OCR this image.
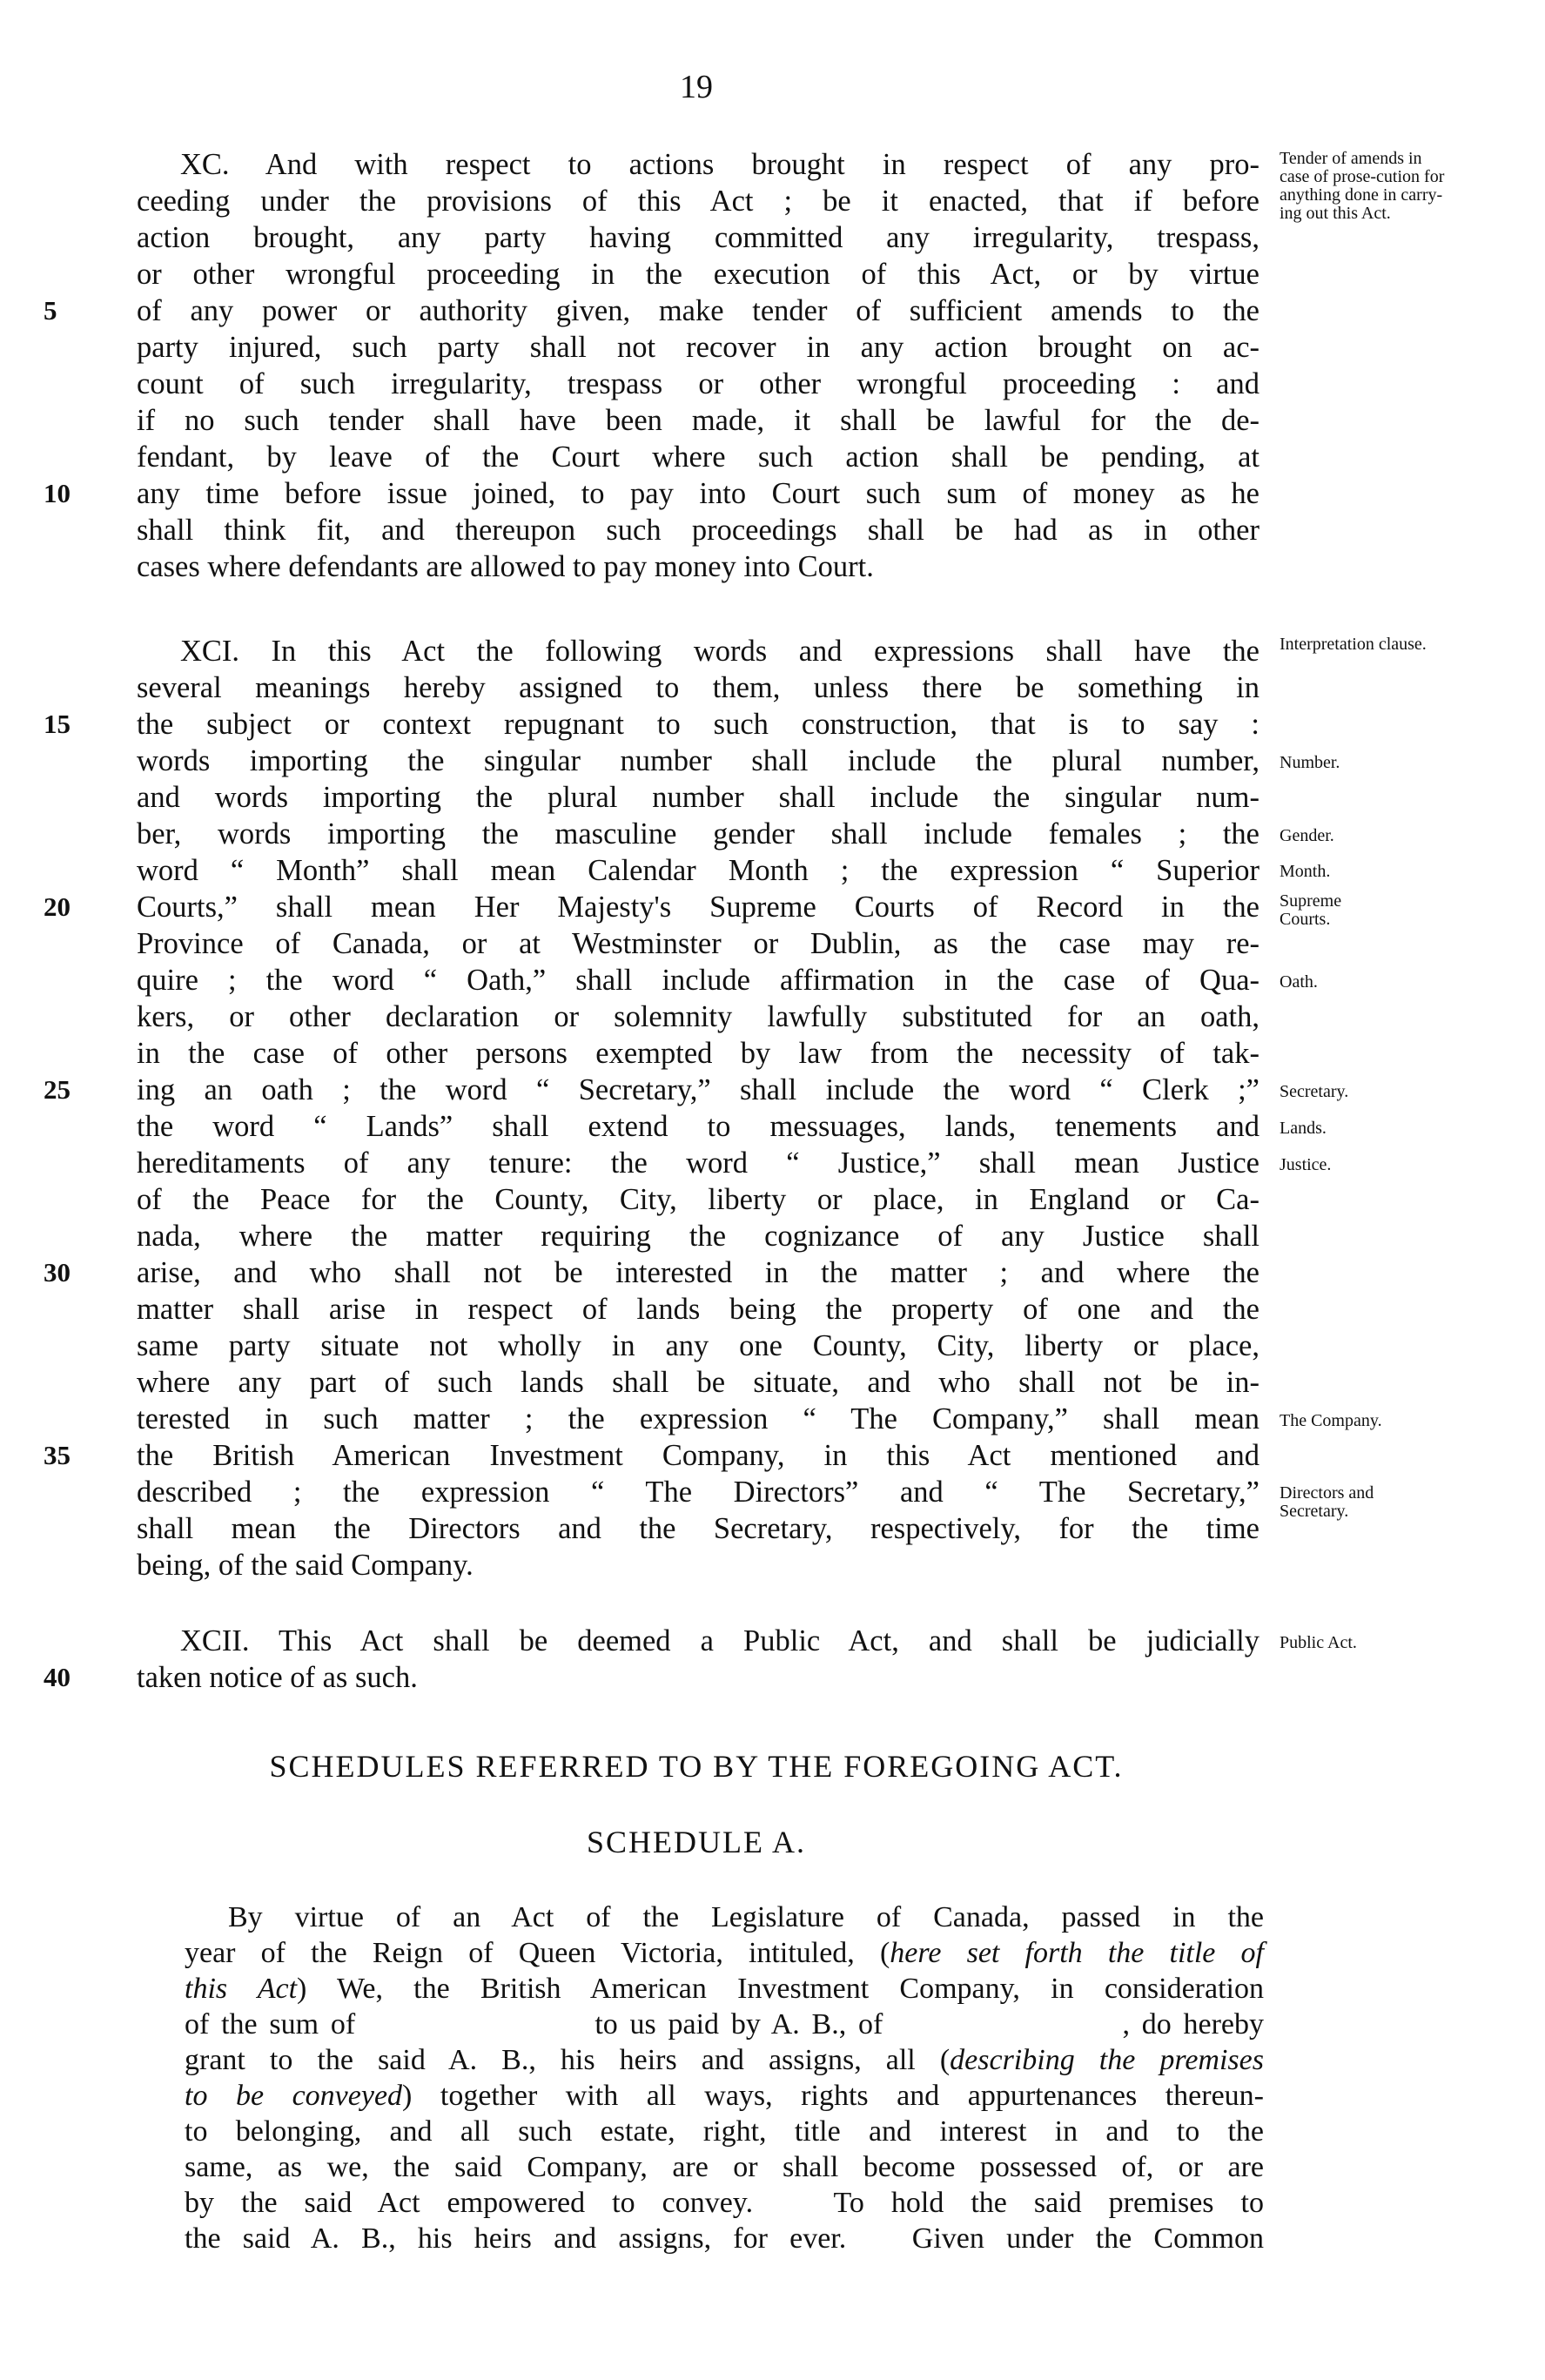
19
5
10
15
20
25
30
35
40
XC. And with respect to actions brought in respect of any pro-
ceeding under the provisions of this Act ; be it enacted, that if before
action brought, any party having committed any irregularity, trespass,
or other wrongful proceeding in the execution of this Act, or by virtue
of any power or authority given, make tender of sufficient amends to the
party injured, such party shall not recover in any action brought on ac-
count of such irregularity, trespass or other wrongful proceeding : and
if no such tender shall have been made, it shall be lawful for the de-
fendant, by leave of the Court where such action shall be pending, at
any time before issue joined, to pay into Court such sum of money as he
shall think fit, and thereupon such proceedings shall be had as in other
cases where defendants are allowed to pay money into Court.
XCI. In this Act the following words and expressions shall have the
several meanings hereby assigned to them, unless there be something in
the subject or context repugnant to such construction, that is to say :
words importing the singular number shall include the plural number,
and words importing the plural number shall include the singular num-
ber, words importing the masculine gender shall include females ; the
word “ Month” shall mean Calendar Month ; the expression “ Superior
Courts,” shall mean Her Majesty's Supreme Courts of Record in the
Province of Canada, or at Westminster or Dublin, as the case may re-
quire ; the word “ Oath,” shall include affirmation in the case of Qua-
kers, or other declaration or solemnity lawfully substituted for an oath,
in the case of other persons exempted by law from the necessity of tak-
ing an oath ; the word “ Secretary,” shall include the word “ Clerk ;”
the word “ Lands” shall extend to messuages, lands, tenements and
hereditaments of any tenure: the word “ Justice,” shall mean Justice
of the Peace for the County, City, liberty or place, in England or Ca-
nada, where the matter requiring the cognizance of any Justice shall
arise, and who shall not be interested in the matter ; and where the
matter shall arise in respect of lands being the property of one and the
same party situate not wholly in any one County, City, liberty or place,
where any part of such lands shall be situate, and who shall not be in-
terested in such matter ; the expression “ The Company,” shall mean
the British American Investment Company, in this Act mentioned and
described ; the expression “ The Directors” and “ The Secretary,”
shall mean the Directors and the Secretary, respectively, for the time
being, of the said Company.
XCII. This Act shall be deemed a Public Act, and shall be judicially
taken notice of as such.
Tender of amends in case of prose-cution for anything done in carry-ing out this Act.
Interpretation clause.
Number.
Gender.
Month.
Supreme Courts.
Oath.
Secretary.
Lands.
Justice.
The Company.
Directors and Secretary.
Public Act.
SCHEDULES REFERRED TO BY THE FOREGOING ACT.
SCHEDULE A.
By virtue of an Act of the Legislature of Canada, passed in the
year of the Reign of Queen Victoria, intituled, (here set forth the title of
this Act) We, the British American Investment Company, in consideration
of the sum of                    to us paid by A. B., of                    , do hereby
grant to the said A. B., his heirs and assigns, all (describing the premises
to be conveyed) together with all ways, rights and appurtenances thereun-
to belonging, and all such estate, right, title and interest in and to the
same, as we, the said Company, are or shall become possessed of, or are
by the said Act empowered to convey.   To hold the said premises to
the said A. B., his heirs and assigns, for ever.   Given under the Common
